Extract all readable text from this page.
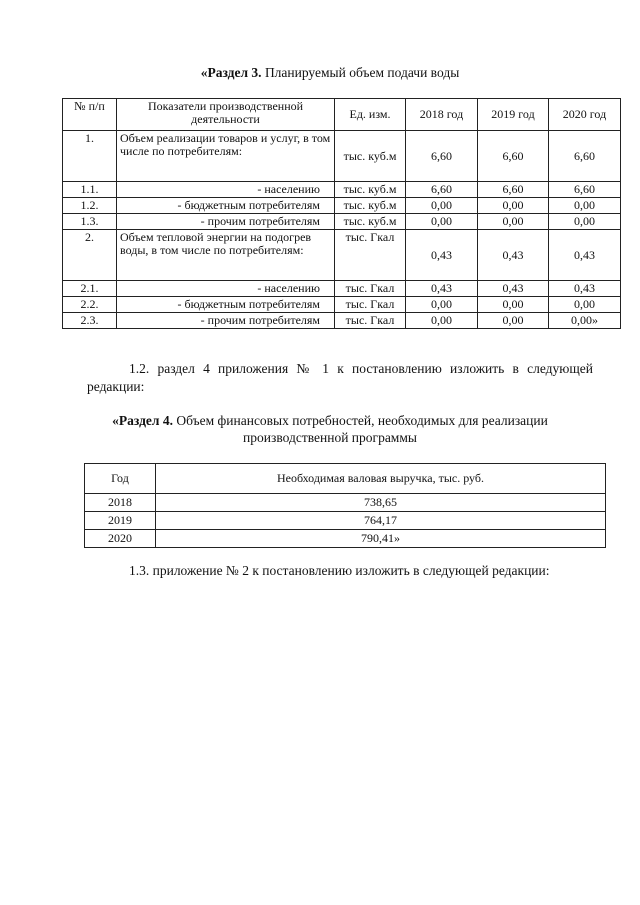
«Раздел 3. Планируемый объем подачи воды
№ п/п	Показатели производственной деятельности	Ед. изм.	2018 год	2019 год	2020 год
1.	Объем реализации товаров и услуг, в том числе по потребителям:	тыс. куб.м	6,60	6,60	6,60
1.1.	- населению	тыс. куб.м	6,60	6,60	6,60
1.2.	- бюджетным потребителям	тыс. куб.м	0,00	0,00	0,00
1.3.	- прочим потребителям	тыс. куб.м	0,00	0,00	0,00
2.	Объем тепловой энергии на подогрев воды, в том числе по потребителям:	тыс. Гкал	0,43	0,43	0,43
2.1.	- населению	тыс. Гкал	0,43	0,43	0,43
2.2.	- бюджетным потребителям	тыс. Гкал	0,00	0,00	0,00
2.3.	- прочим потребителям	тыс. Гкал	0,00	0,00	0,00»
1.2. раздел 4 приложения № 1 к постановлению изложить в следующей редакции:
«Раздел 4. Объем финансовых потребностей, необходимых для реализации производственной программы
Год	Необходимая валовая выручка, тыс. руб.
2018	738,65
2019	764,17
2020	790,41»
1.3. приложение № 2 к постановлению изложить в следующей редакции:
